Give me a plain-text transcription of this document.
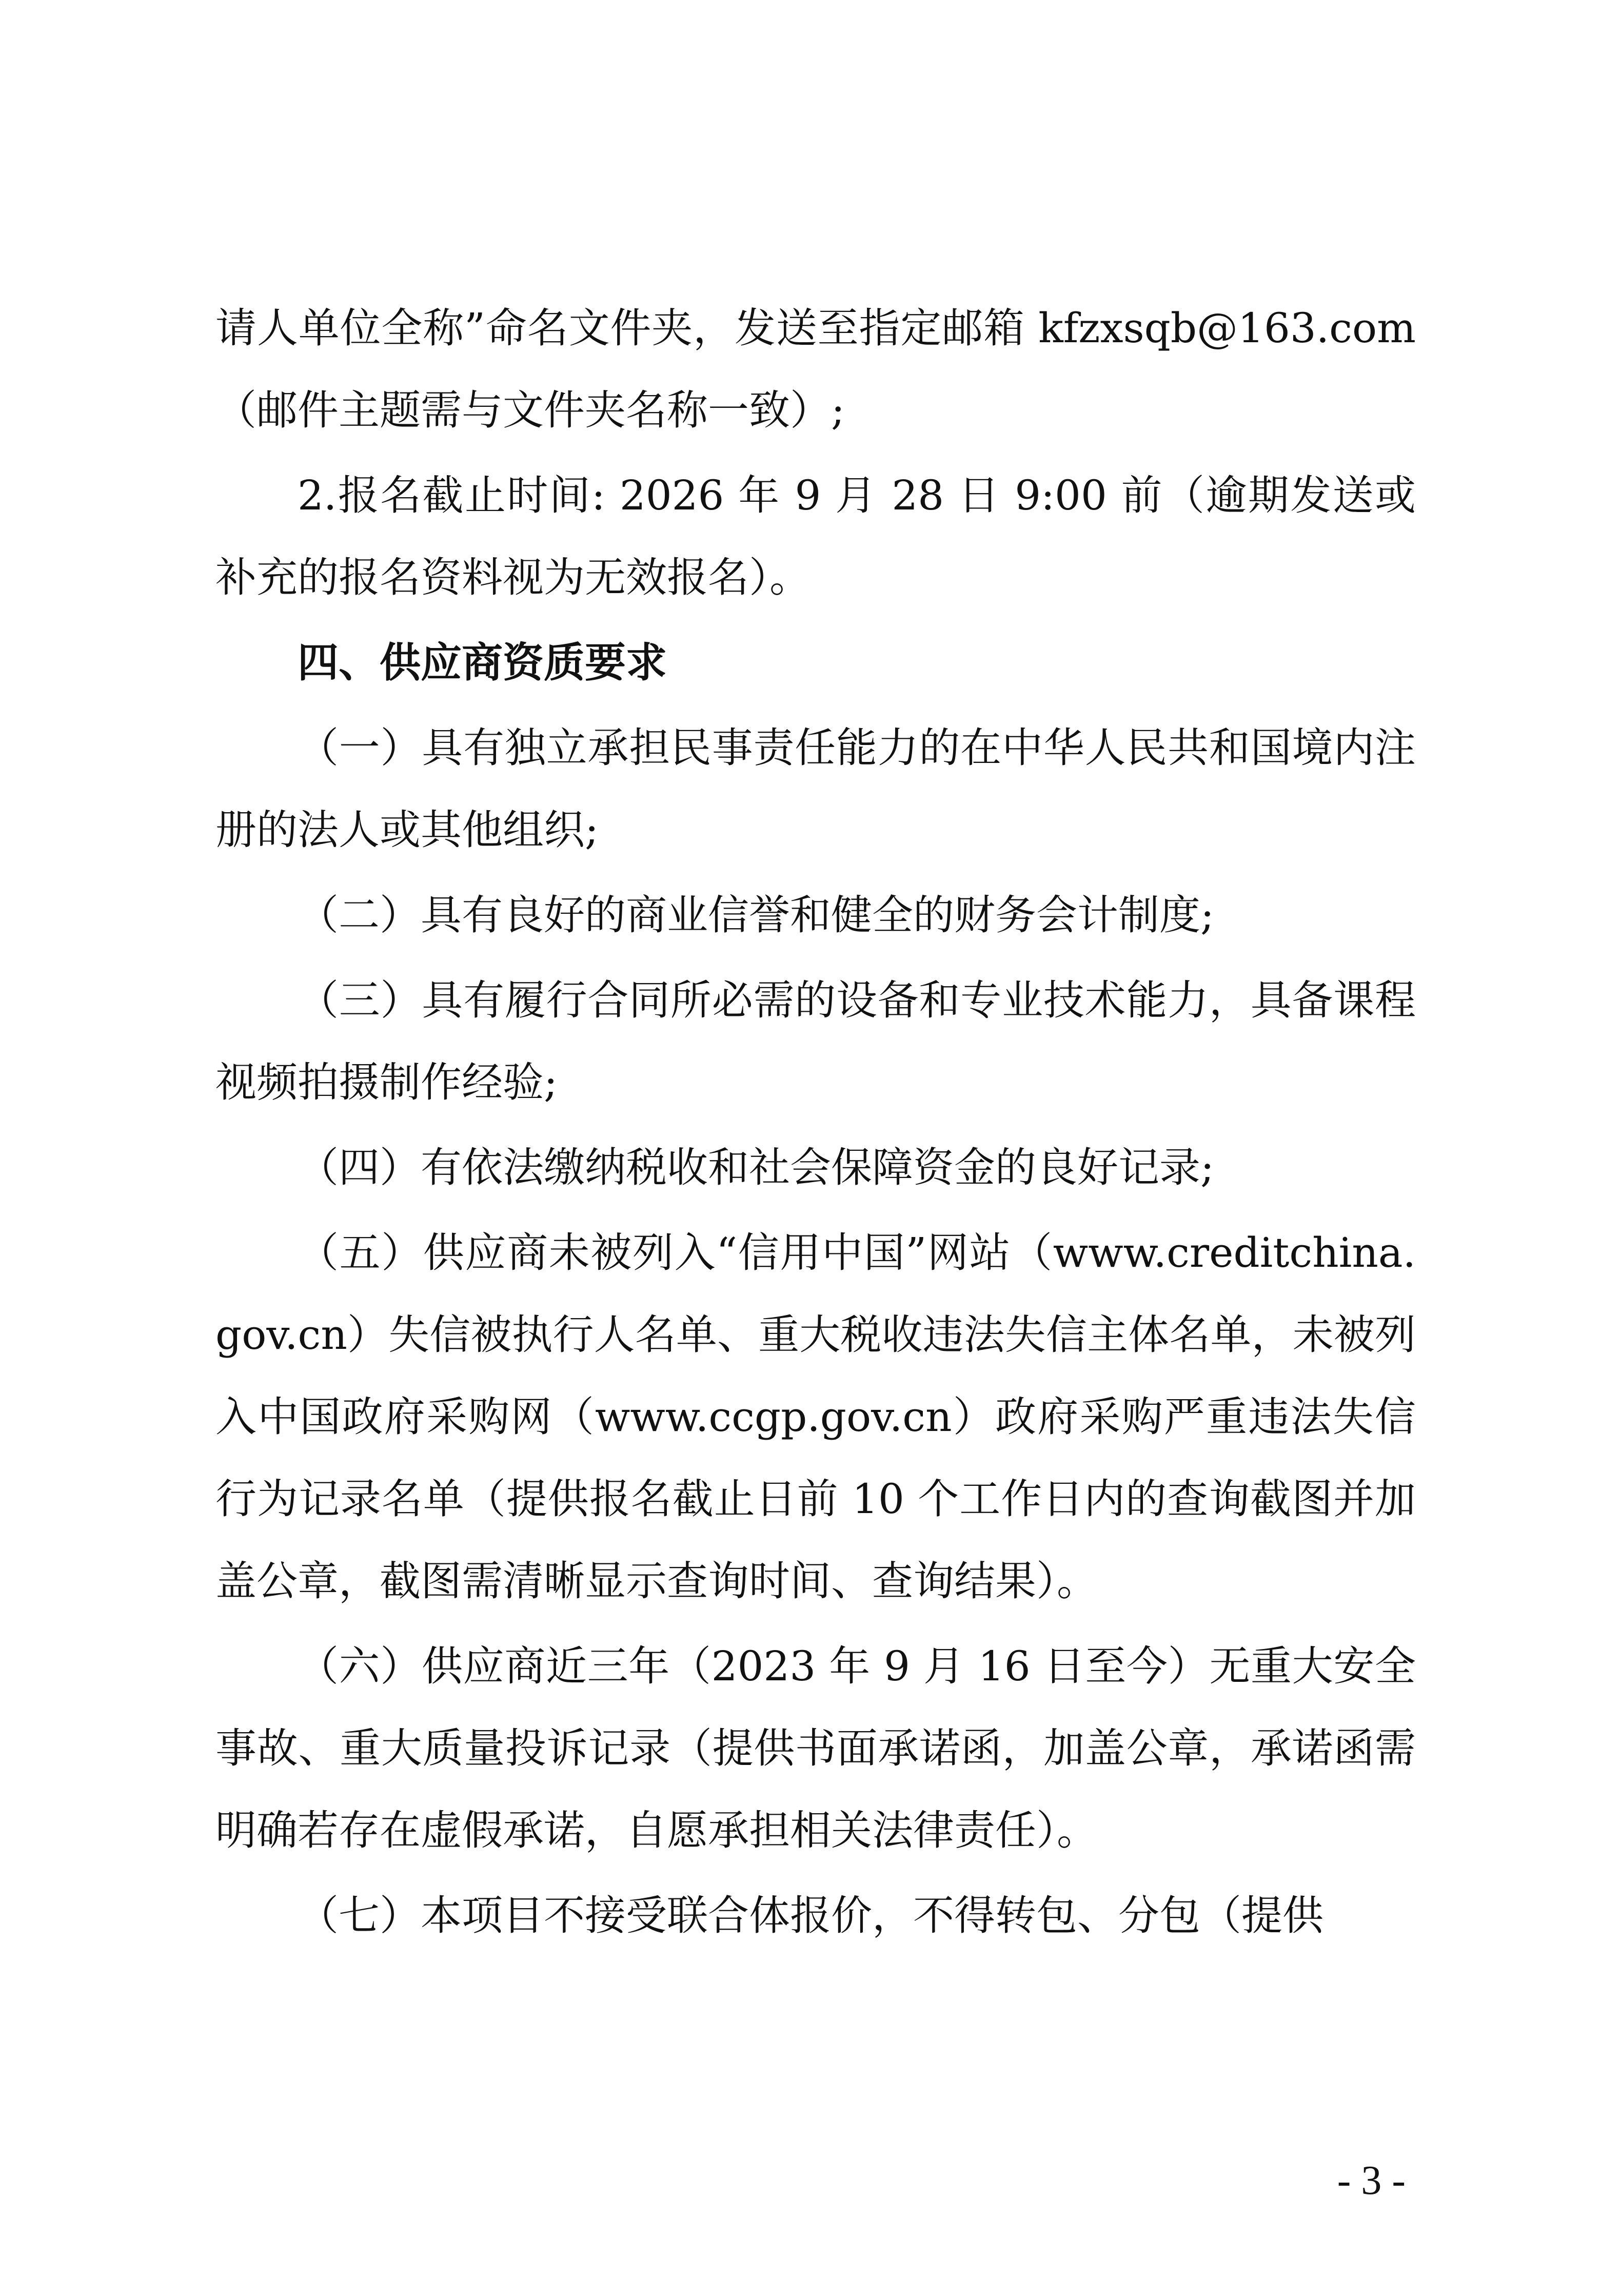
请人单位全称”命名文件夹，发送至指定邮箱 kfzxsqb@163.com（邮件主题需与文件夹名称一致）;

2.报名截止时间: 2026 年 9 月 28 日 9:00 前（逾期发送或补充的报名资料视为无效报名）。

四、供应商资质要求

（一）具有独立承担民事责任能力的在中华人民共和国境内注册的法人或其他组织;

（二）具有良好的商业信誉和健全的财务会计制度;

（三）具有履行合同所必需的设备和专业技术能力，具备课程视频拍摄制作经验;

（四）有依法缴纳税收和社会保障资金的良好记录;

（五）供应商未被列入“信用中国”网站（www.creditchina.gov.cn）失信被执行人名单、重大税收违法失信主体名单，未被列入中国政府采购网（www.ccgp.gov.cn）政府采购严重违法失信行为记录名单（提供报名截止日前 10 个工作日内的查询截图并加盖公章，截图需清晰显示查询时间、查询结果）。

（六）供应商近三年（2023 年 9 月 16 日至今）无重大安全事故、重大质量投诉记录（提供书面承诺函，加盖公章，承诺函需明确若存在虚假承诺，自愿承担相关法律责任）。

（七）本项目不接受联合体报价，不得转包、分包（提供

- 3 -
